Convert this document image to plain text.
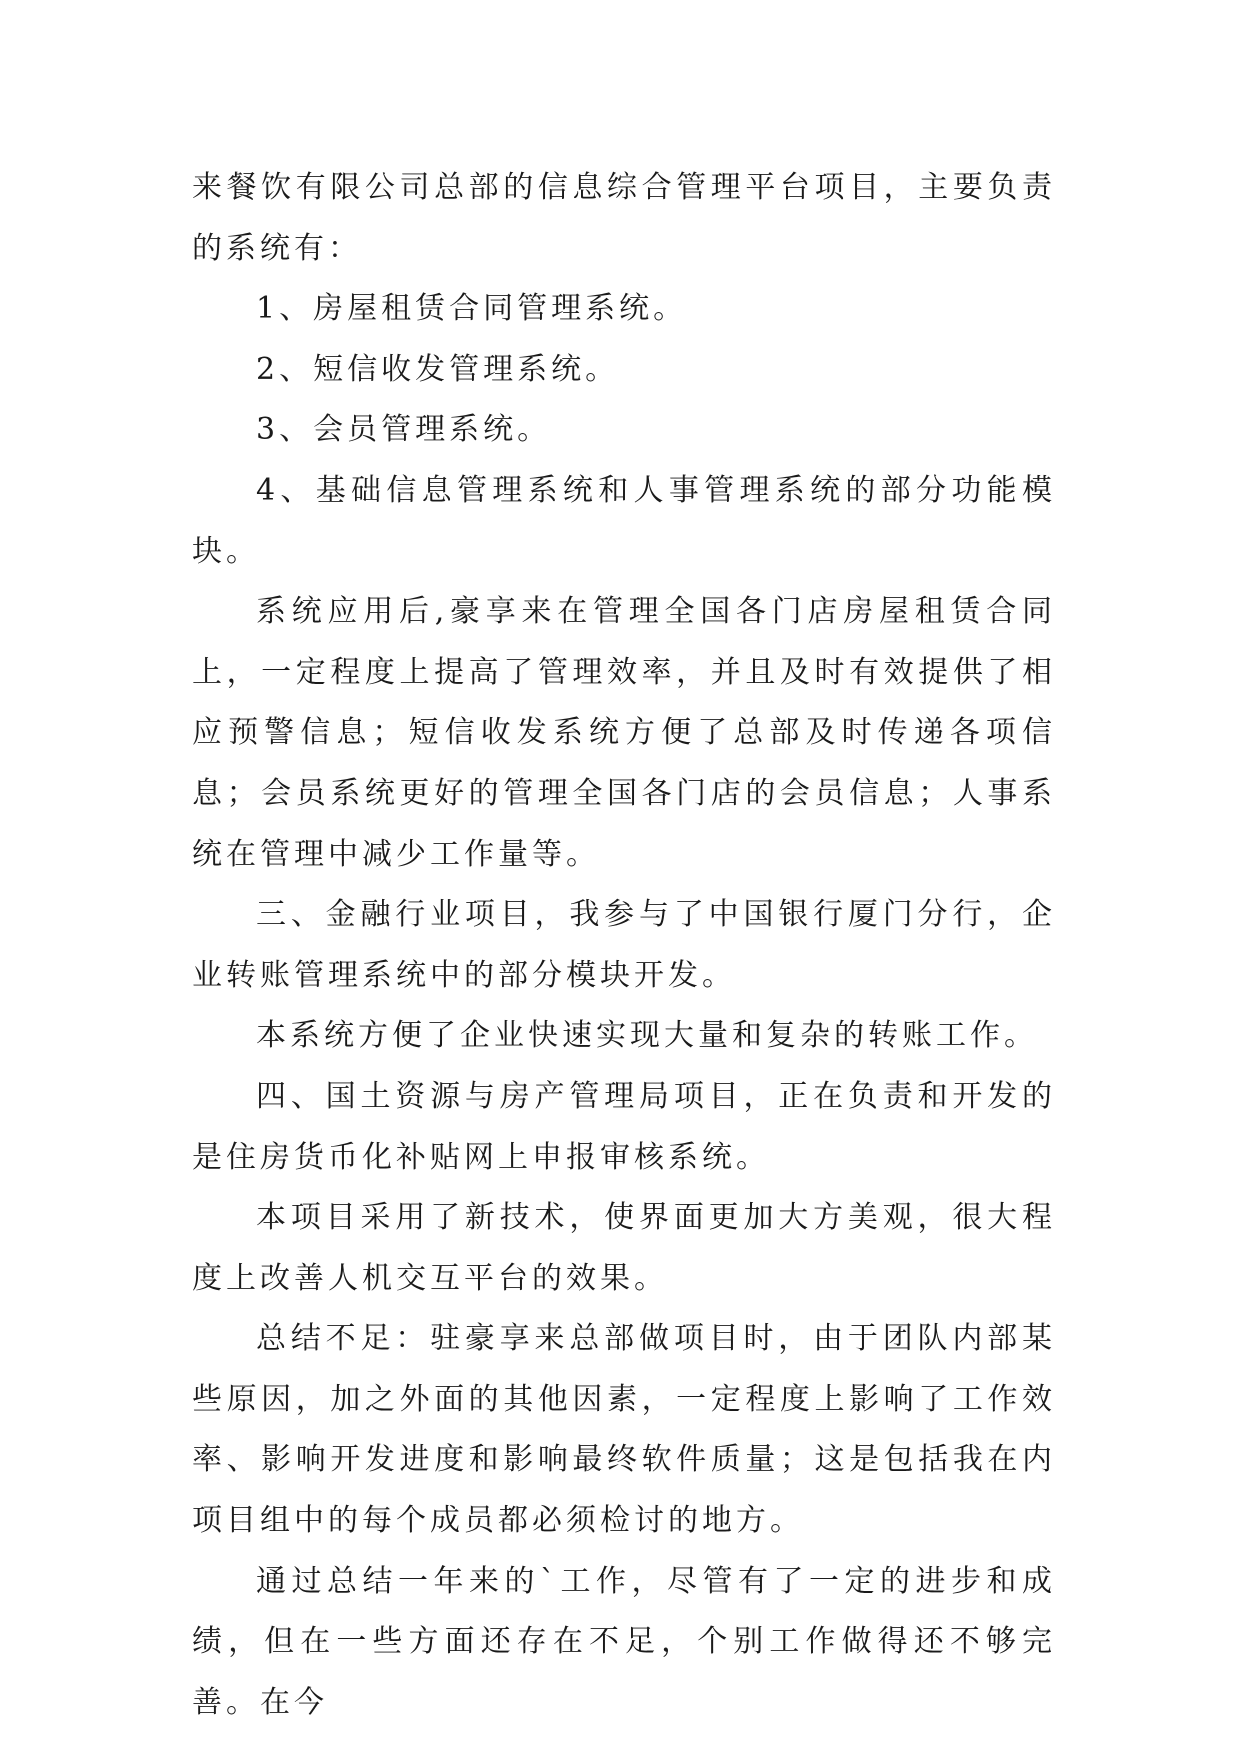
来餐饮有限公司总部的信息综合管理平台项目，主要负责的系统有：

1、房屋租赁合同管理系统。

2、短信收发管理系统。

3、会员管理系统。

4、基础信息管理系统和人事管理系统的部分功能模块。

系统应用后,豪享来在管理全国各门店房屋租赁合同上，一定程度上提高了管理效率，并且及时有效提供了相应预警信息；短信收发系统方便了总部及时传递各项信息；会员系统更好的管理全国各门店的会员信息；人事系统在管理中减少工作量等。

三、金融行业项目，我参与了中国银行厦门分行，企业转账管理系统中的部分模块开发。

本系统方便了企业快速实现大量和复杂的转账工作。

四、国土资源与房产管理局项目，正在负责和开发的是住房货币化补贴网上申报审核系统。

本项目采用了新技术，使界面更加大方美观，很大程度上改善人机交互平台的效果。

总结不足：驻豪享来总部做项目时，由于团队内部某些原因，加之外面的其他因素，一定程度上影响了工作效率、影响开发进度和影响最终软件质量；这是包括我在内项目组中的每个成员都必须检讨的地方。

通过总结一年来的`工作，尽管有了一定的进步和成绩，但在一些方面还存在不足，个别工作做得还不够完善。在今
